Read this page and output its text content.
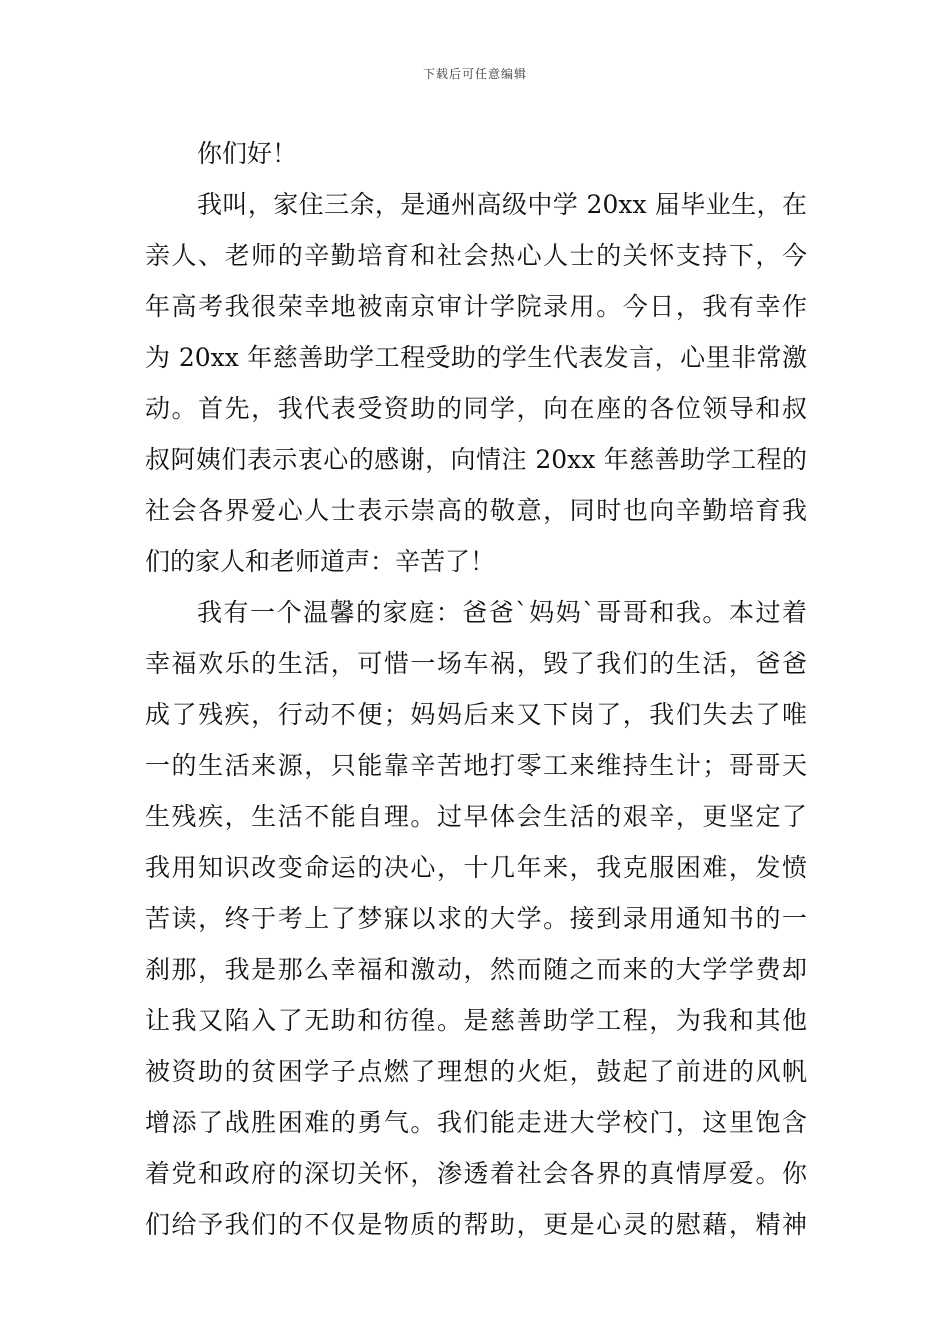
下载后可任意编辑

你们好！

我叫，家住三余，是通州高级中学 20xx 届毕业生，在
亲人、老师的辛勤培育和社会热心人士的关怀支持下，今
年高考我很荣幸地被南京审计学院录用。今日，我有幸作
为 20xx 年慈善助学工程受助的学生代表发言，心里非常激
动。首先，我代表受资助的同学，向在座的各位领导和叔
叔阿姨们表示衷心的感谢，向情注 20xx 年慈善助学工程的
社会各界爱心人士表示崇高的敬意，同时也向辛勤培育我
们的家人和老师道声：辛苦了！
我有一个温馨的家庭：爸爸`妈妈`哥哥和我。本过着
幸福欢乐的生活，可惜一场车祸，毁了我们的生活，爸爸
成了残疾，行动不便；妈妈后来又下岗了，我们失去了唯
一的生活来源，只能靠辛苦地打零工来维持生计；哥哥天
生残疾，生活不能自理。过早体会生活的艰辛，更坚定了
我用知识改变命运的决心，十几年来，我克服困难，发愤
苦读，终于考上了梦寐以求的大学。接到录用通知书的一
刹那，我是那么幸福和激动，然而随之而来的大学学费却
让我又陷入了无助和彷徨。是慈善助学工程，为我和其他
被资助的贫困学子点燃了理想的火炬，鼓起了前进的风帆
增添了战胜困难的勇气。我们能走进大学校门，这里饱含
着党和政府的深切关怀，渗透着社会各界的真情厚爱。你
们给予我们的不仅是物质的帮助，更是心灵的慰藉，精神
